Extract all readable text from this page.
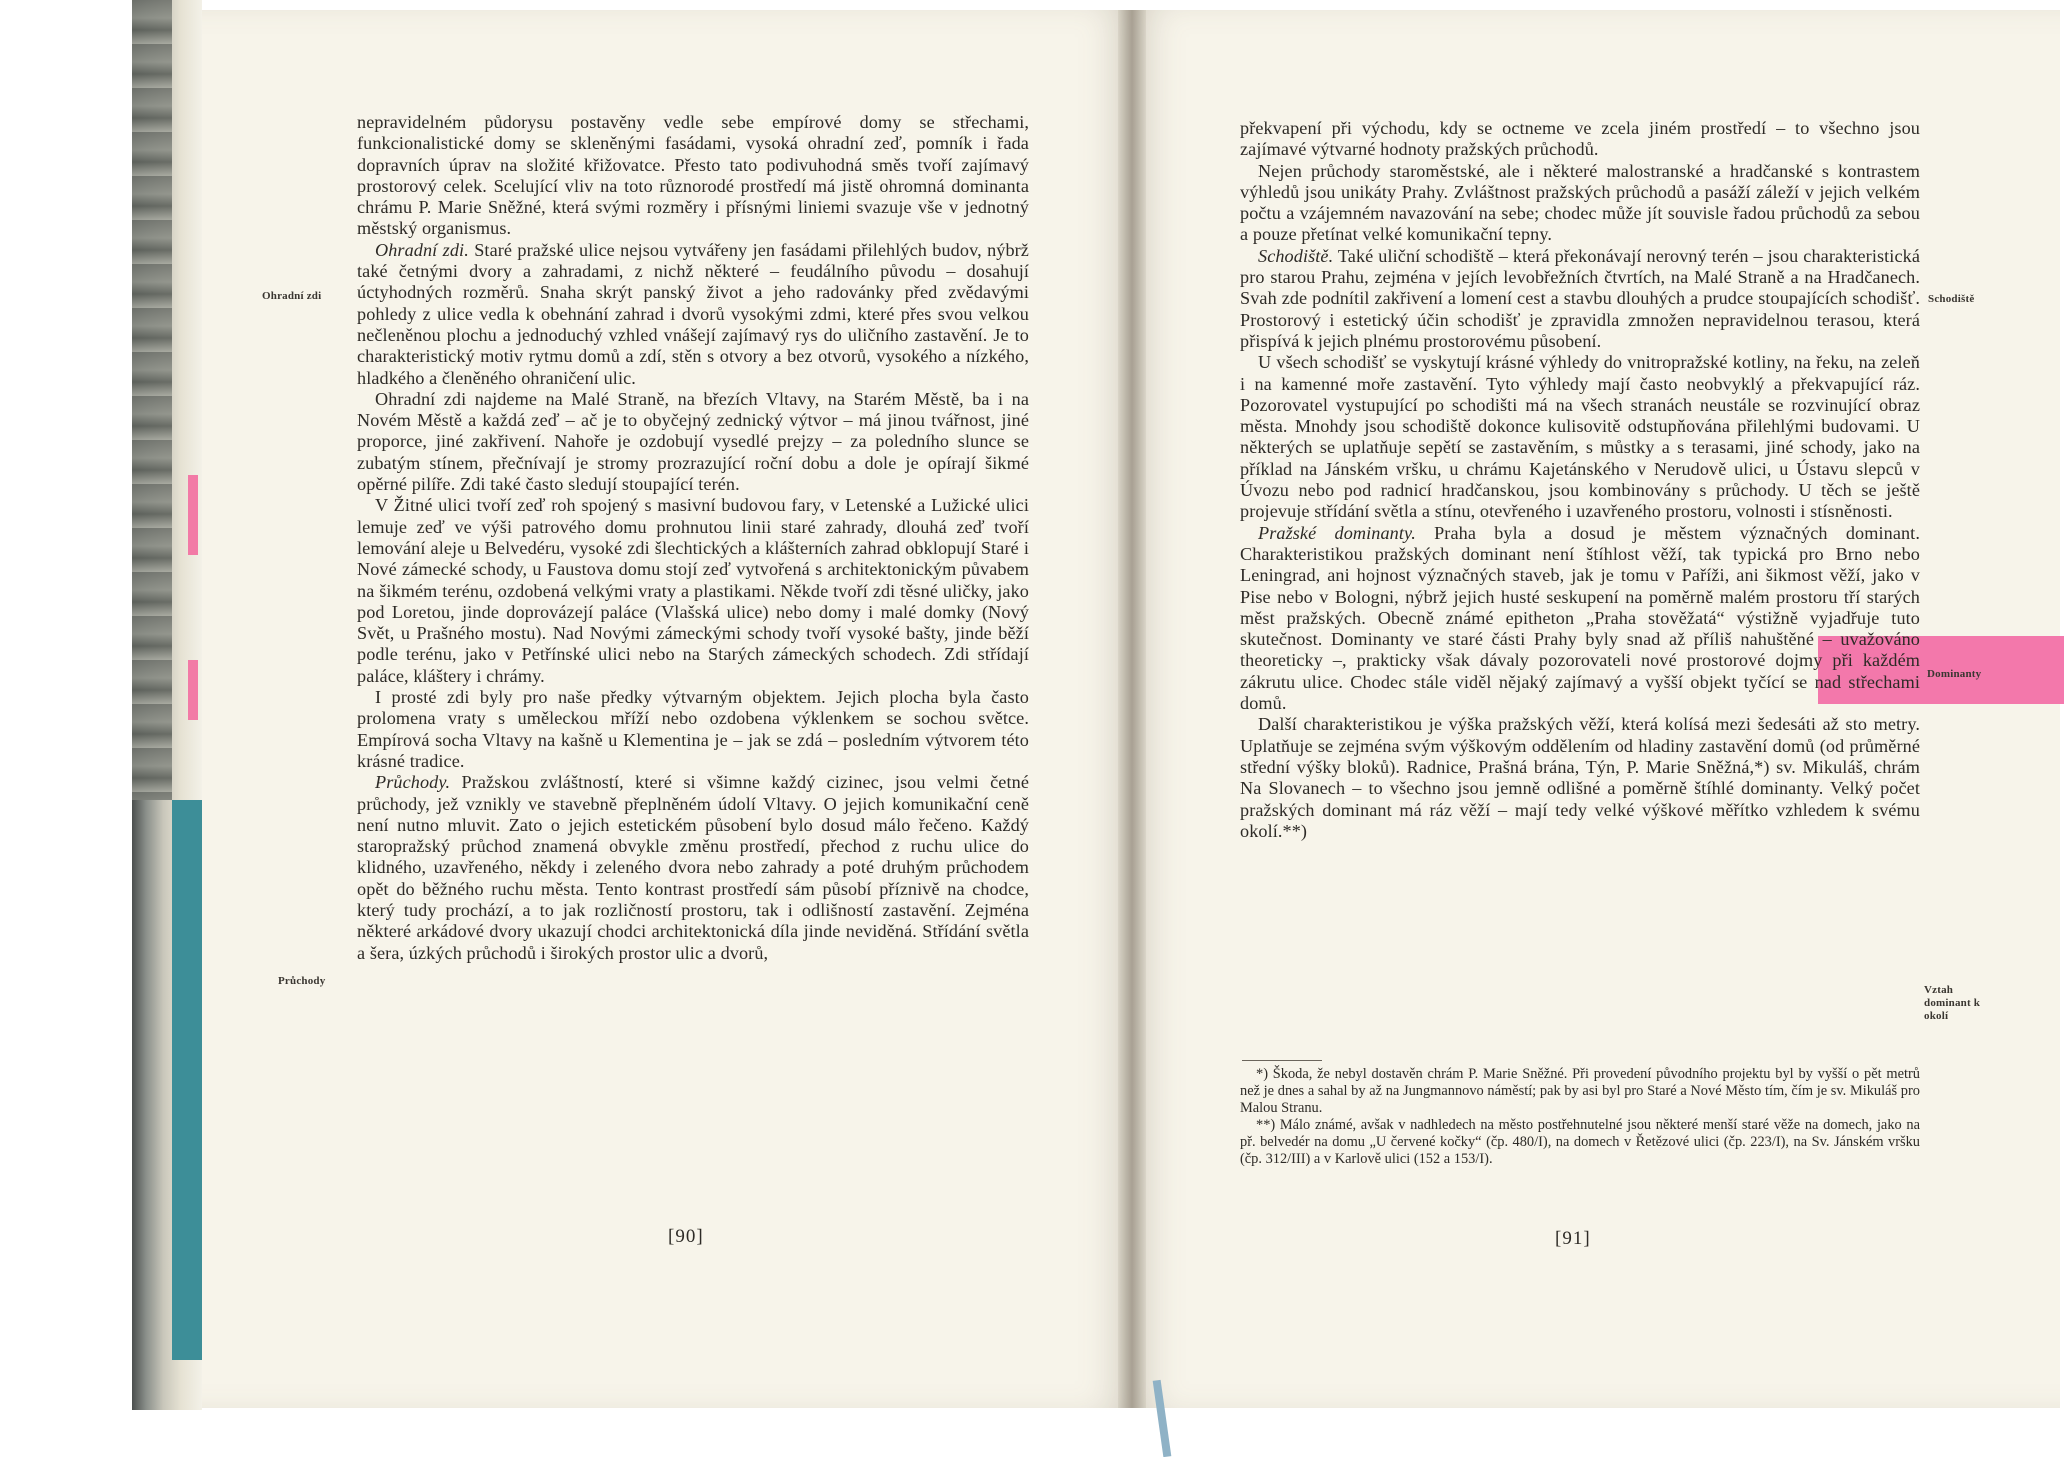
Ohradní zdi
Průchody

nepravidelném půdorysu postavěny vedle sebe empírové domy se střechami, funkcionalistické domy se skleněnými fasádami, vysoká ohradní zeď, pomník i řada dopravních úprav na složité křižovatce. Přesto tato podivuhodná směs tvoří zajímavý prostorový celek. Scelující vliv na toto různorodé prostředí má jistě ohromná dominanta chrámu P. Marie Sněžné, která svými rozměry i přísnými liniemi svazuje vše v jednotný městský organismus.

Ohradní zdi. Staré pražské ulice nejsou vytvářeny jen fasádami přilehlých budov, nýbrž také četnými dvory a zahradami, z nichž některé – feudálního původu – dosahují úctyhodných rozměrů. Snaha skrýt panský život a jeho radovánky před zvědavými pohledy z ulice vedla k obehnání zahrad i dvorů vysokými zdmi, které přes svou velkou nečleněnou plochu a jednoduchý vzhled vnášejí zajímavý rys do uličního zastavění. Je to charakteristický motiv rytmu domů a zdí, stěn s otvory a bez otvorů, vysokého a nízkého, hladkého a členěného ohraničení ulic.

Ohradní zdi najdeme na Malé Straně, na březích Vltavy, na Starém Městě, ba i na Novém Městě a každá zeď – ač je to obyčejný zednický výtvor – má jinou tvářnost, jiné proporce, jiné zakřivení. Nahoře je ozdobují vysedlé prejzy – za poledního slunce se zubatým stínem, přečnívají je stromy prozrazující roční dobu a dole je opírají šikmé opěrné pilíře. Zdi také často sledují stoupající terén.

V Žitné ulici tvoří zeď roh spojený s masivní budovou fary, v Letenské a Lužické ulici lemuje zeď ve výši patrového domu prohnutou linii staré zahrady, dlouhá zeď tvoří lemování aleje u Belvedéru, vysoké zdi šlechtických a klášterních zahrad obklopují Staré i Nové zámecké schody, u Faustova domu stojí zeď vytvořená s architektonickým půvabem na šikmém terénu, ozdobená velkými vraty a plastikami. Někde tvoří zdi těsné uličky, jako pod Loretou, jinde doprovázejí paláce (Vlašská ulice) nebo domy i malé domky (Nový Svět, u Prašného mostu). Nad Novými zámeckými schody tvoří vysoké bašty, jinde běží podle terénu, jako v Petřínské ulici nebo na Starých zámeckých schodech. Zdi střídají paláce, kláštery i chrámy.

I prosté zdi byly pro naše předky výtvarným objektem. Jejich plocha byla často prolomena vraty s uměleckou mříží nebo ozdobena výklenkem se sochou světce. Empírová socha Vltavy na kašně u Klementina je – jak se zdá – posledním výtvorem této krásné tradice.

Průchody. Pražskou zvláštností, které si všimne každý cizinec, jsou velmi četné průchody, jež vznikly ve stavebně přeplněném údolí Vltavy. O jejich komunikační ceně není nutno mluvit. Zato o jejich estetickém působení bylo dosud málo řečeno. Každý staropražský průchod znamená obvykle změnu prostředí, přechod z ruchu ulice do klidného, uzavřeného, někdy i zeleného dvora nebo zahrady a poté druhým průchodem opět do běžného ruchu města. Tento kontrast prostředí sám působí příznivě na chodce, který tudy prochází, a to jak rozličností prostoru, tak i odlišností zastavění. Zejména některé arkádové dvory ukazují chodci architektonická díla jinde neviděná. Střídání světla a šera, úzkých průchodů i širokých prostor ulic a dvorů,

[90]
Schodiště
Dominanty
Vztah dominant k okolí

překvapení při východu, kdy se octneme ve zcela jiném prostředí – to všechno jsou zajímavé výtvarné hodnoty pražských průchodů.

Nejen průchody staroměstské, ale i některé malostranské a hradčanské s kontrastem výhledů jsou unikáty Prahy. Zvláštnost pražských průchodů a pasáží záleží v jejich velkém počtu a vzájemném navazování na sebe; chodec může jít souvisle řadou průchodů za sebou a pouze přetínat velké komunikační tepny.

Schodiště. Také uliční schodiště – která překonávají nerovný terén – jsou charakteristická pro starou Prahu, zejména v jejích levobřežních čtvrtích, na Malé Straně a na Hradčanech. Svah zde podnítil zakřivení a lomení cest a stavbu dlouhých a prudce stoupajících schodišť. Prostorový i estetický účin schodišť je zpravidla zmnožen nepravidelnou terasou, která přispívá k jejich plnému prostorovému působení.

U všech schodišť se vyskytují krásné výhledy do vnitropražské kotliny, na řeku, na zeleň i na kamenné moře zastavění. Tyto výhledy mají často neobvyklý a překvapující ráz. Pozorovatel vystupující po schodišti má na všech stranách neustále se rozvinující obraz města. Mnohdy jsou schodiště dokonce kulisovitě odstupňována přilehlými budovami. U některých se uplatňuje sepětí se zastavěním, s můstky a s terasami, jiné schody, jako na příklad na Jánském vršku, u chrámu Kajetánského v Nerudově ulici, u Ústavu slepců v Úvozu nebo pod radnicí hradčanskou, jsou kombinovány s průchody. U těch se ještě projevuje střídání světla a stínu, otevřeného i uzavřeného prostoru, volnosti i stísněnosti.

Pražské dominanty. Praha byla a dosud je městem význačných dominant. Charakteristikou pražských dominant není štíhlost věží, tak typická pro Brno nebo Leningrad, ani hojnost význačných staveb, jak je tomu v Paříži, ani šikmost věží, jako v Pise nebo v Bologni, nýbrž jejich husté seskupení na poměrně malém prostoru tří starých měst pražských. Obecně známé epitheton „Praha stověžatá“ výstižně vyjadřuje tuto skutečnost. Dominanty ve staré části Prahy byly snad až příliš nahuštěné – uvažováno theoreticky –, prakticky však dávaly pozorovateli nové prostorové dojmy při každém zákrutu ulice. Chodec stále viděl nějaký zajímavý a vyšší objekt tyčící se nad střechami domů.

Další charakteristikou je výška pražských věží, která kolísá mezi šedesáti až sto metry. Uplatňuje se zejména svým výškovým oddělením od hladiny zastavění domů (od průměrné střední výšky bloků). Radnice, Prašná brána, Týn, P. Marie Sněžná,*) sv. Mikuláš, chrám Na Slovanech – to všechno jsou jemně odlišné a poměrně štíhlé dominanty. Velký počet pražských dominant má ráz věží – mají tedy velké výškové měřítko vzhledem k svému okolí.**)

*) Škoda, že nebyl dostavěn chrám P. Marie Sněžné. Při provedení původního projektu byl by vyšší o pět metrů než je dnes a sahal by až na Jungmannovo náměstí; pak by asi byl pro Staré a Nové Město tím, čím je sv. Mikuláš pro Malou Stranu.

**) Málo známé, avšak v nadhledech na město postřehnutelné jsou některé menší staré věže na domech, jako na př. belvedér na domu „U červené kočky“ (čp. 480/I), na domech v Řetězové ulici (čp. 223/I), na Sv. Jánském vršku (čp. 312/III) a v Karlově ulici (152 a 153/I).

[91]
